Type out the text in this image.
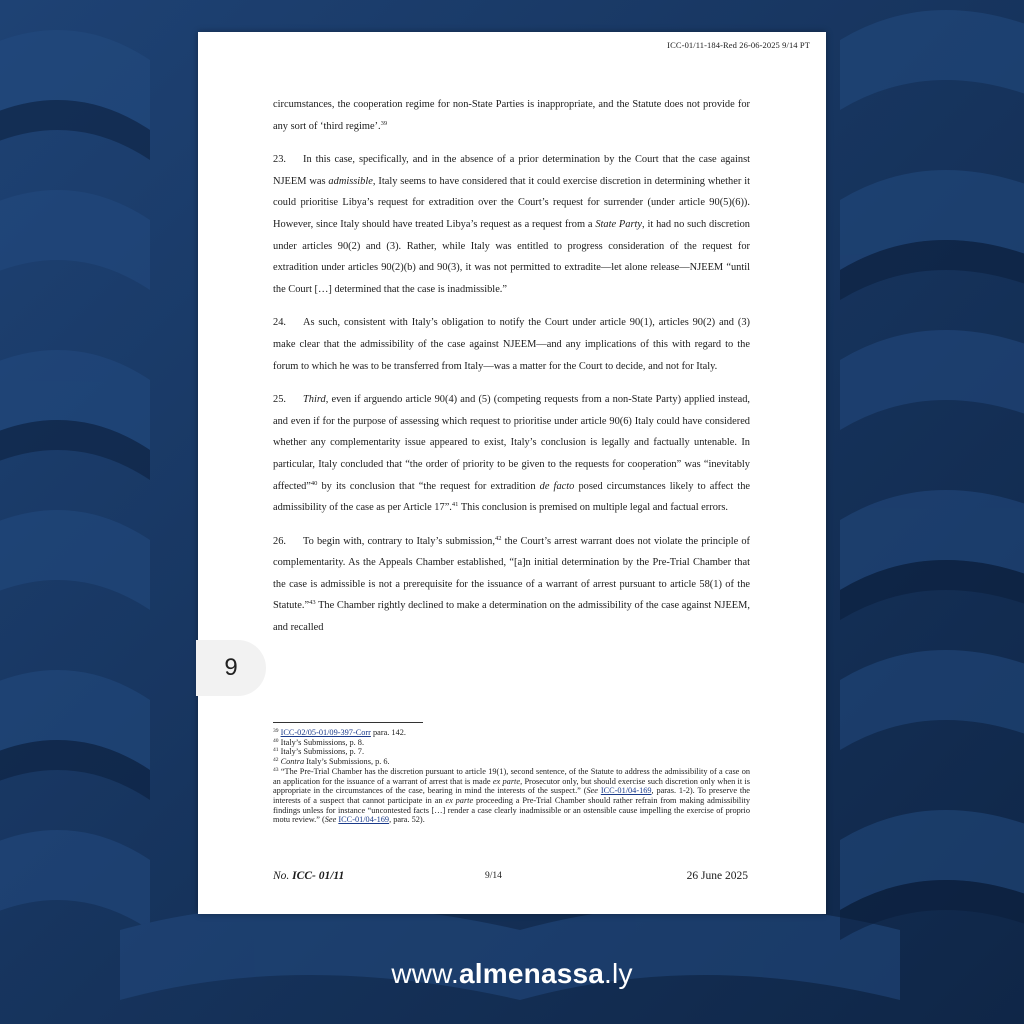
ICC-01/11-184-Red 26-06-2025 9/14 PT

circumstances, the cooperation regime for non-State Parties is inappropriate, and the Statute does not provide for any sort of ‘third regime’.$^{39}$

23. In this case, specifically, and in the absence of a prior determination by the Court that the case against NJEEM was admissible, Italy seems to have considered that it could exercise discretion in determining whether it could prioritise Libya’s request for extradition over the Court’s request for surrender (under article 90(5)(6)). However, since Italy should have treated Libya’s request as a request from a State Party, it had no such discretion under articles 90(2) and (3). Rather, while Italy was entitled to progress consideration of the request for extradition under articles 90(2)(b) and 90(3), it was not permitted to extradite—let alone release—NJEEM “until the Court […] determined that the case is inadmissible.”

24. As such, consistent with Italy’s obligation to notify the Court under article 90(1), articles 90(2) and (3) make clear that the admissibility of the case against NJEEM—and any implications of this with regard to the forum to which he was to be transferred from Italy—was a matter for the Court to decide, and not for Italy.

25. Third, even if arguendo article 90(4) and (5) (competing requests from a non-State Party) applied instead, and even if for the purpose of assessing which request to prioritise under article 90(6) Italy could have considered whether any complementarity issue appeared to exist, Italy’s conclusion is legally and factually untenable. In particular, Italy concluded that “the order of priority to be given to the requests for cooperation” was “inevitably affected”$^{40}$ by its conclusion that “the request for extradition de facto posed circumstances likely to affect the admissibility of the case as per Article 17”.$^{41}$ This conclusion is premised on multiple legal and factual errors.

26. To begin with, contrary to Italy’s submission,$^{42}$ the Court’s arrest warrant does not violate the principle of complementarity. As the Appeals Chamber established, “[a]n initial determination by the Pre-Trial Chamber that the case is admissible is not a prerequisite for the issuance of a warrant of arrest pursuant to article 58(1) of the Statute.”$^{43}$ The Chamber rightly declined to make a determination on the admissibility of the case against NJEEM, and recalled

$^{39}$ ICC-02/05-01/09-397-Corr para. 142.

$^{40}$ Italy’s Submissions, p. 8.

$^{41}$ Italy’s Submissions, p. 7.

$^{42}$ Contra Italy’s Submissions, p. 6.

$^{43}$ “The Pre-Trial Chamber has the discretion pursuant to article 19(1), second sentence, of the Statute to address the admissibility of a case on an application for the issuance of a warrant of arrest that is made ex parte, Prosecutor only, but should exercise such discretion only when it is appropriate in the circumstances of the case, bearing in mind the interests of the suspect.” (See ICC-01/04-169, paras. 1-2). To preserve the interests of a suspect that cannot participate in an ex parte proceeding a Pre-Trial Chamber should rather refrain from making admissibility findings unless for instance “uncontested facts […] render a case clearly inadmissible or an ostensible cause impelling the exercise of proprio motu review.” (See ICC-01/04-169, para. 52).

No. ICC- 01/11	9/14	26 June 2025
9
www.almenassa.ly
